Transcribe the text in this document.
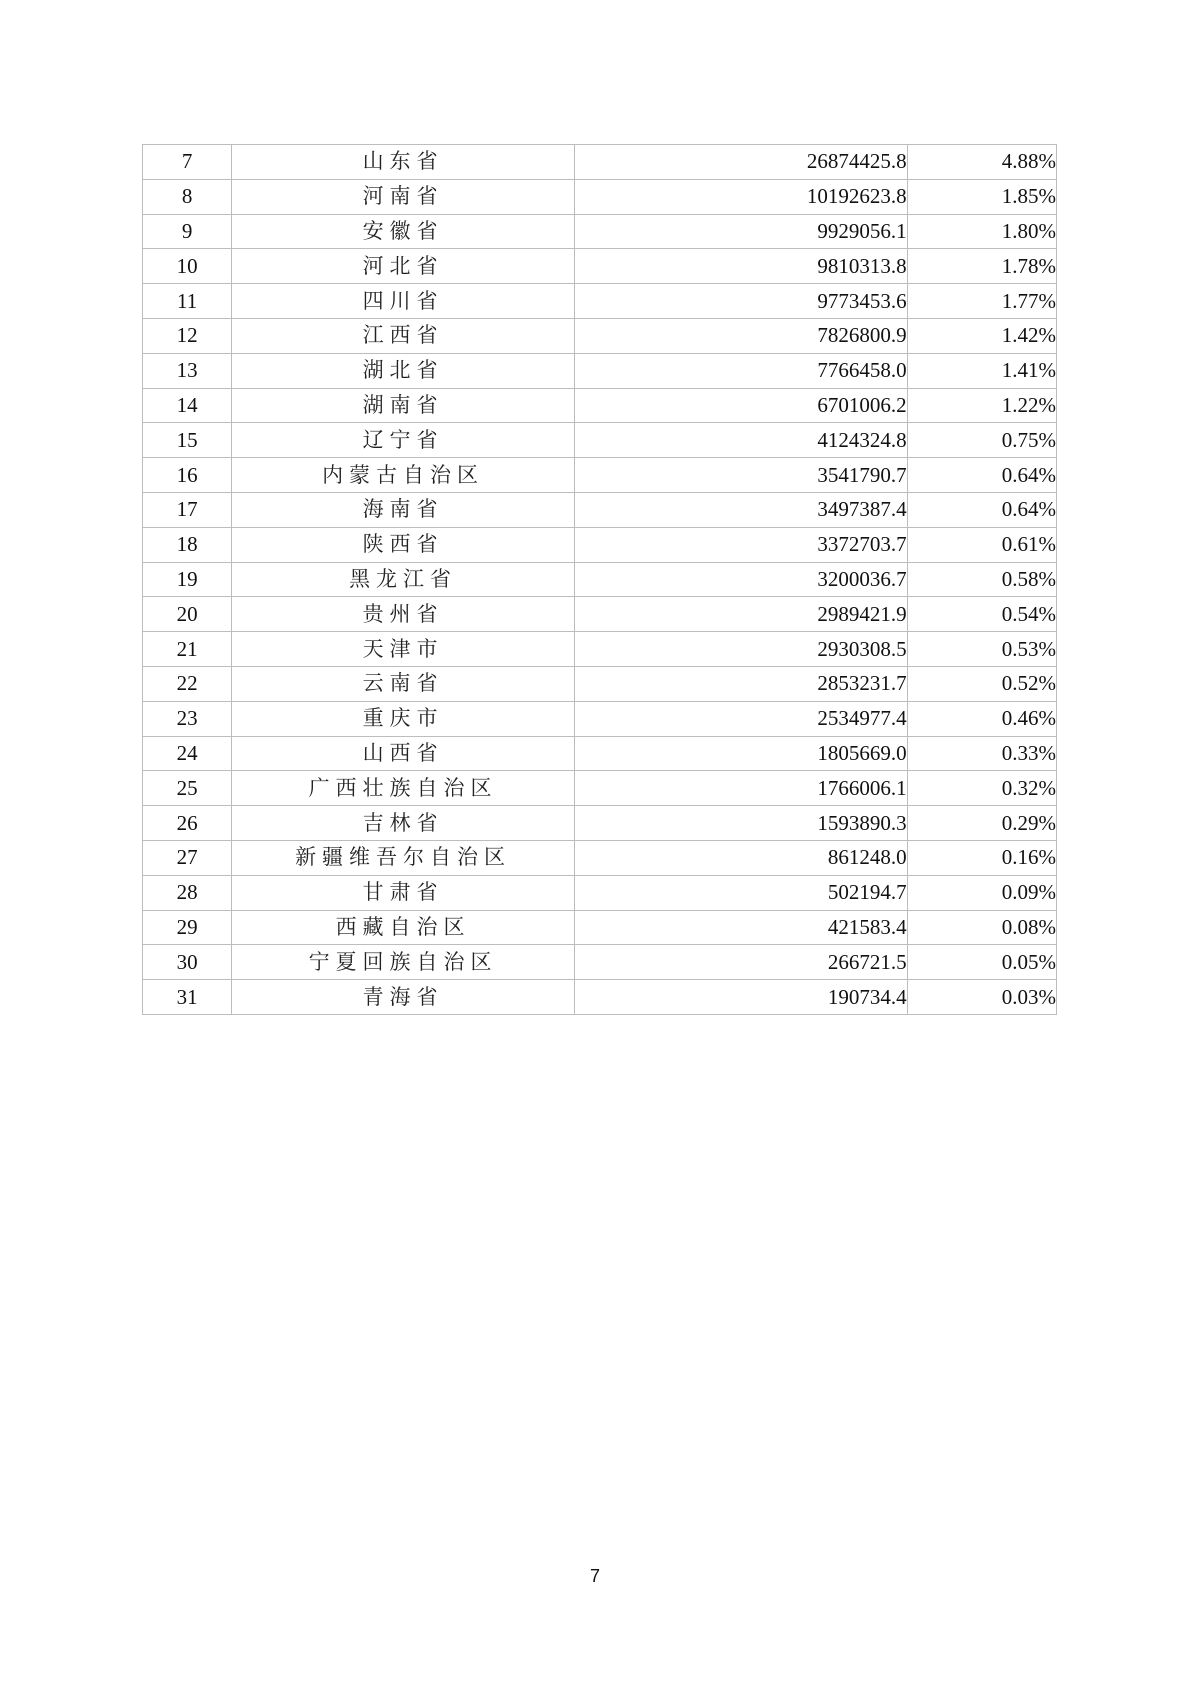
7	山东省	26874425.8	4.88%
8	河南省	10192623.8	1.85%
9	安徽省	9929056.1	1.80%
10	河北省	9810313.8	1.78%
11	四川省	9773453.6	1.77%
12	江西省	7826800.9	1.42%
13	湖北省	7766458.0	1.41%
14	湖南省	6701006.2	1.22%
15	辽宁省	4124324.8	0.75%
16	内蒙古自治区	3541790.7	0.64%
17	海南省	3497387.4	0.64%
18	陕西省	3372703.7	0.61%
19	黑龙江省	3200036.7	0.58%
20	贵州省	2989421.9	0.54%
21	天津市	2930308.5	0.53%
22	云南省	2853231.7	0.52%
23	重庆市	2534977.4	0.46%
24	山西省	1805669.0	0.33%
25	广西壮族自治区	1766006.1	0.32%
26	吉林省	1593890.3	0.29%
27	新疆维吾尔自治区	861248.0	0.16%
28	甘肃省	502194.7	0.09%
29	西藏自治区	421583.4	0.08%
30	宁夏回族自治区	266721.5	0.05%
31	青海省	190734.4	0.03%
7
